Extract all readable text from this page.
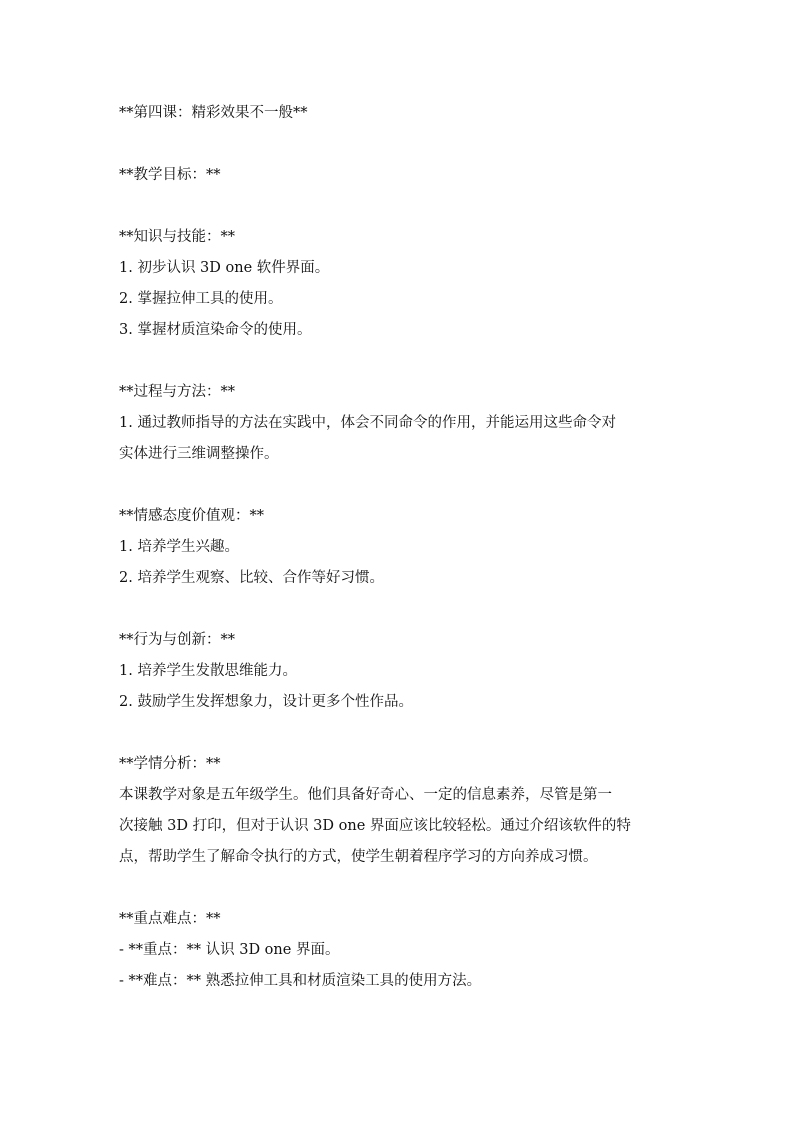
**第四课：精彩效果不一般**
**教学目标：**
**知识与技能：**
1. 初步认识 3D one 软件界面。
2. 掌握拉伸工具的使用。
3. 掌握材质渲染命令的使用。
**过程与方法：**
1. 通过教师指导的方法在实践中，体会不同命令的作用，并能运用这些命令对
实体进行三维调整操作。
**情感态度价值观：**
1. 培养学生兴趣。
2. 培养学生观察、比较、合作等好习惯。
**行为与创新：**
1. 培养学生发散思维能力。
2. 鼓励学生发挥想象力，设计更多个性作品。
**学情分析：**
本课教学对象是五年级学生。他们具备好奇心、一定的信息素养，尽管是第一
次接触 3D 打印，但对于认识 3D one 界面应该比较轻松。通过介绍该软件的特
点，帮助学生了解命令执行的方式，使学生朝着程序学习的方向养成习惯。
**重点难点：**
- **重点：** 认识 3D one 界面。
- **难点：** 熟悉拉伸工具和材质渲染工具的使用方法。
